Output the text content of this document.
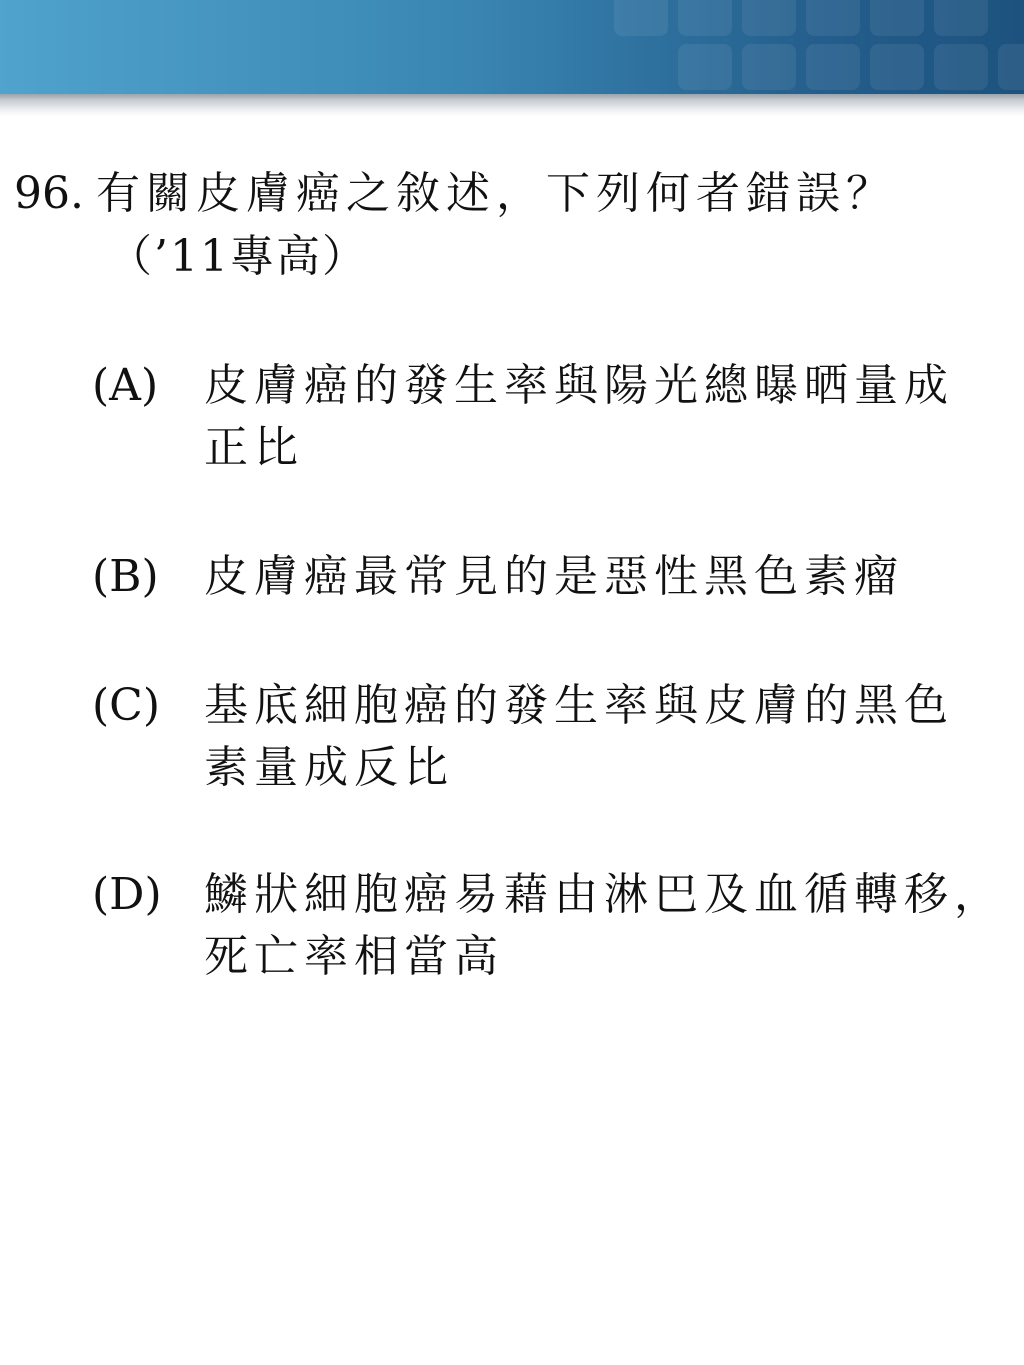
96. 有關皮膚癌之敘述，下列何者錯誤？
（’11專高）
(A) 皮膚癌的發生率與陽光總曝晒量成
正比
(B) 皮膚癌最常見的是惡性黑色素瘤
(C) 基底細胞癌的發生率與皮膚的黑色
素量成反比
(D) 鱗狀細胞癌易藉由淋巴及血循轉移，
死亡率相當高
